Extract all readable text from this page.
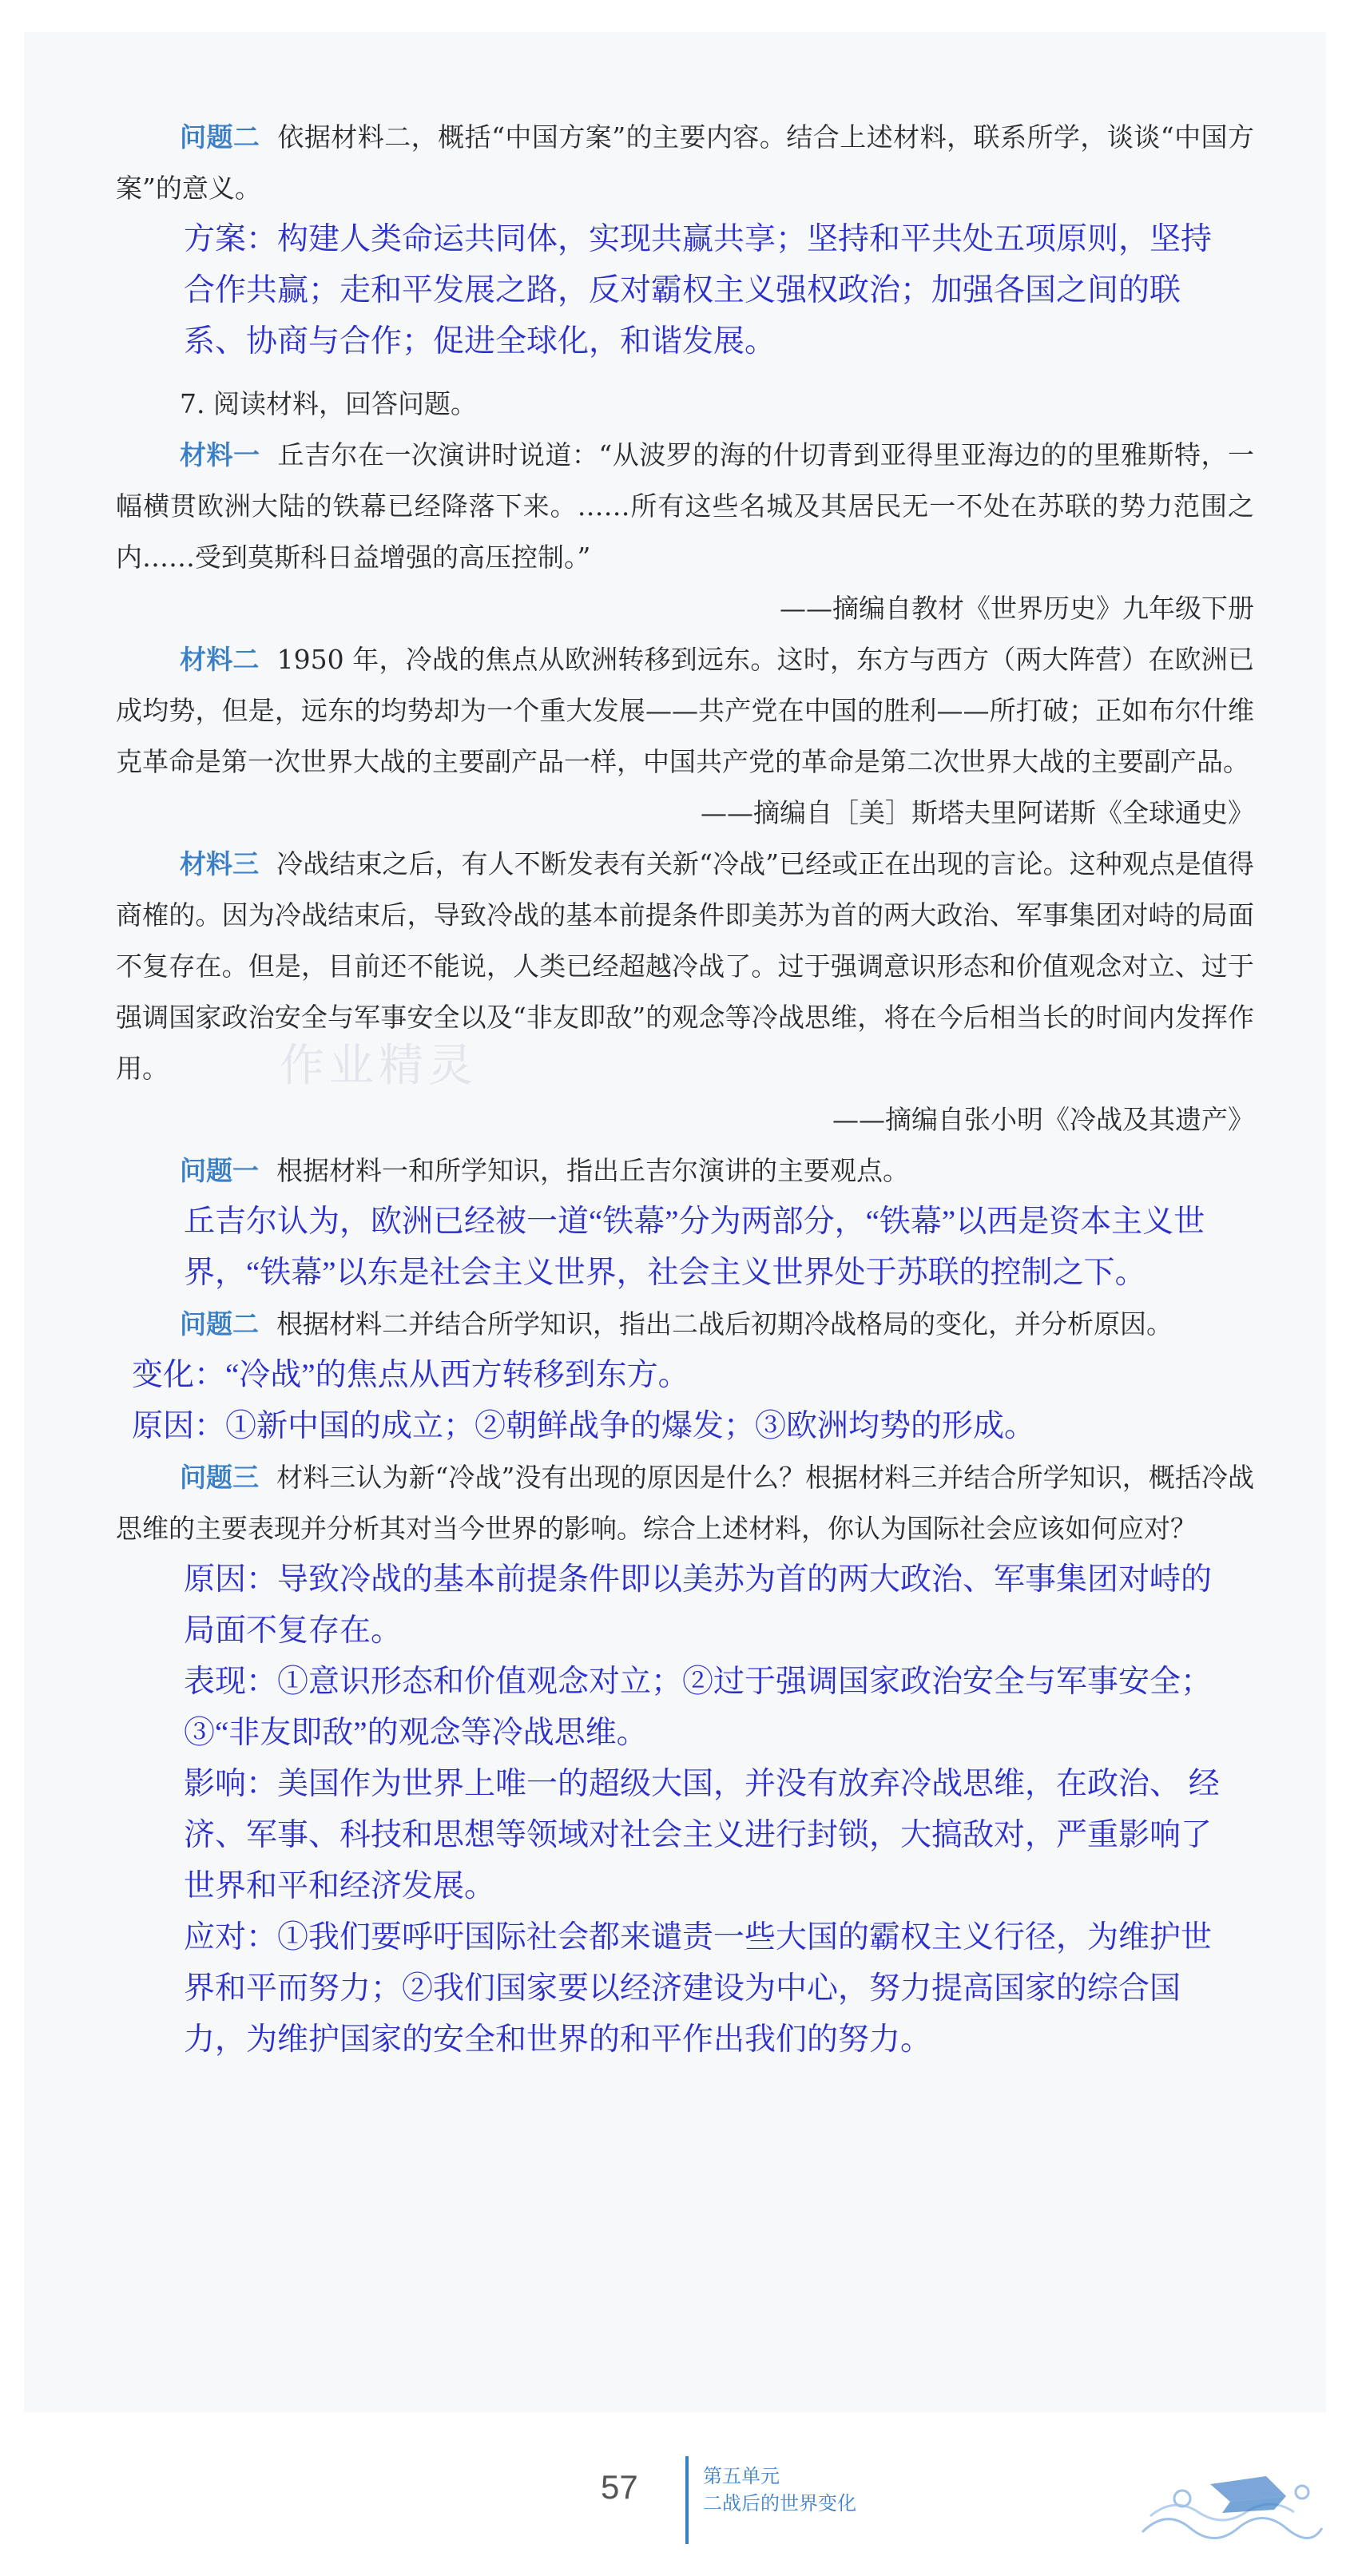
作业精灵

问题二 依据材料二，概括“中国方案”的主要内容。结合上述材料，联系所学，谈谈“中国方案”的意义。

方案：构建人类命运共同体，实现共赢共享；坚持和平共处五项原则，坚持合作共赢；走和平发展之路，反对霸权主义强权政治；加强各国之间的联系、协商与合作；促进全球化，和谐发展。

7. 阅读材料，回答问题。

材料一 丘吉尔在一次演讲时说道：“从波罗的海的什切青到亚得里亚海边的的里雅斯特，一幅横贯欧洲大陆的铁幕已经降落下来。……所有这些名城及其居民无一不处在苏联的势力范围之内……受到莫斯科日益增强的高压控制。”

——摘编自教材《世界历史》九年级下册

材料二 1950 年，冷战的焦点从欧洲转移到远东。这时，东方与西方（两大阵营）在欧洲已成均势，但是，远东的均势却为一个重大发展——共产党在中国的胜利——所打破；正如布尔什维克革命是第一次世界大战的主要副产品一样，中国共产党的革命是第二次世界大战的主要副产品。

——摘编自［美］斯塔夫里阿诺斯《全球通史》

材料三 冷战结束之后，有人不断发表有关新“冷战”已经或正在出现的言论。这种观点是值得商榷的。因为冷战结束后，导致冷战的基本前提条件即美苏为首的两大政治、军事集团对峙的局面不复存在。但是，目前还不能说，人类已经超越冷战了。过于强调意识形态和价值观念对立、过于强调国家政治安全与军事安全以及“非友即敌”的观念等冷战思维，将在今后相当长的时间内发挥作用。

——摘编自张小明《冷战及其遗产》

问题一 根据材料一和所学知识，指出丘吉尔演讲的主要观点。

丘吉尔认为，欧洲已经被一道“铁幕”分为两部分，“铁幕”以西是资本主义世界，“铁幕”以东是社会主义世界，社会主义世界处于苏联的控制之下。

问题二 根据材料二并结合所学知识，指出二战后初期冷战格局的变化，并分析原因。

变化：“冷战”的焦点从西方转移到东方。

原因：①新中国的成立；②朝鲜战争的爆发；③欧洲均势的形成。

问题三 材料三认为新“冷战”没有出现的原因是什么？根据材料三并结合所学知识，概括冷战思维的主要表现并分析其对当今世界的影响。综合上述材料，你认为国际社会应该如何应对？

原因：导致冷战的基本前提条件即以美苏为首的两大政治、军事集团对峙的局面不复存在。

表现：①意识形态和价值观念对立；②过于强调国家政治安全与军事安全；③“非友即敌”的观念等冷战思维。

影响：美国作为世界上唯一的超级大国，并没有放弃冷战思维，在政治、 经济、军事、科技和思想等领域对社会主义进行封锁，大搞敌对，严重影响了世界和平和经济发展。

应对：①我们要呼吁国际社会都来谴责一些大国的霸权主义行径，为维护世界和平而努力；②我们国家要以经济建设为中心，努力提高国家的综合国力，为维护国家的安全和世界的和平作出我们的努力。

57	第五单元
二战后的世界变化
